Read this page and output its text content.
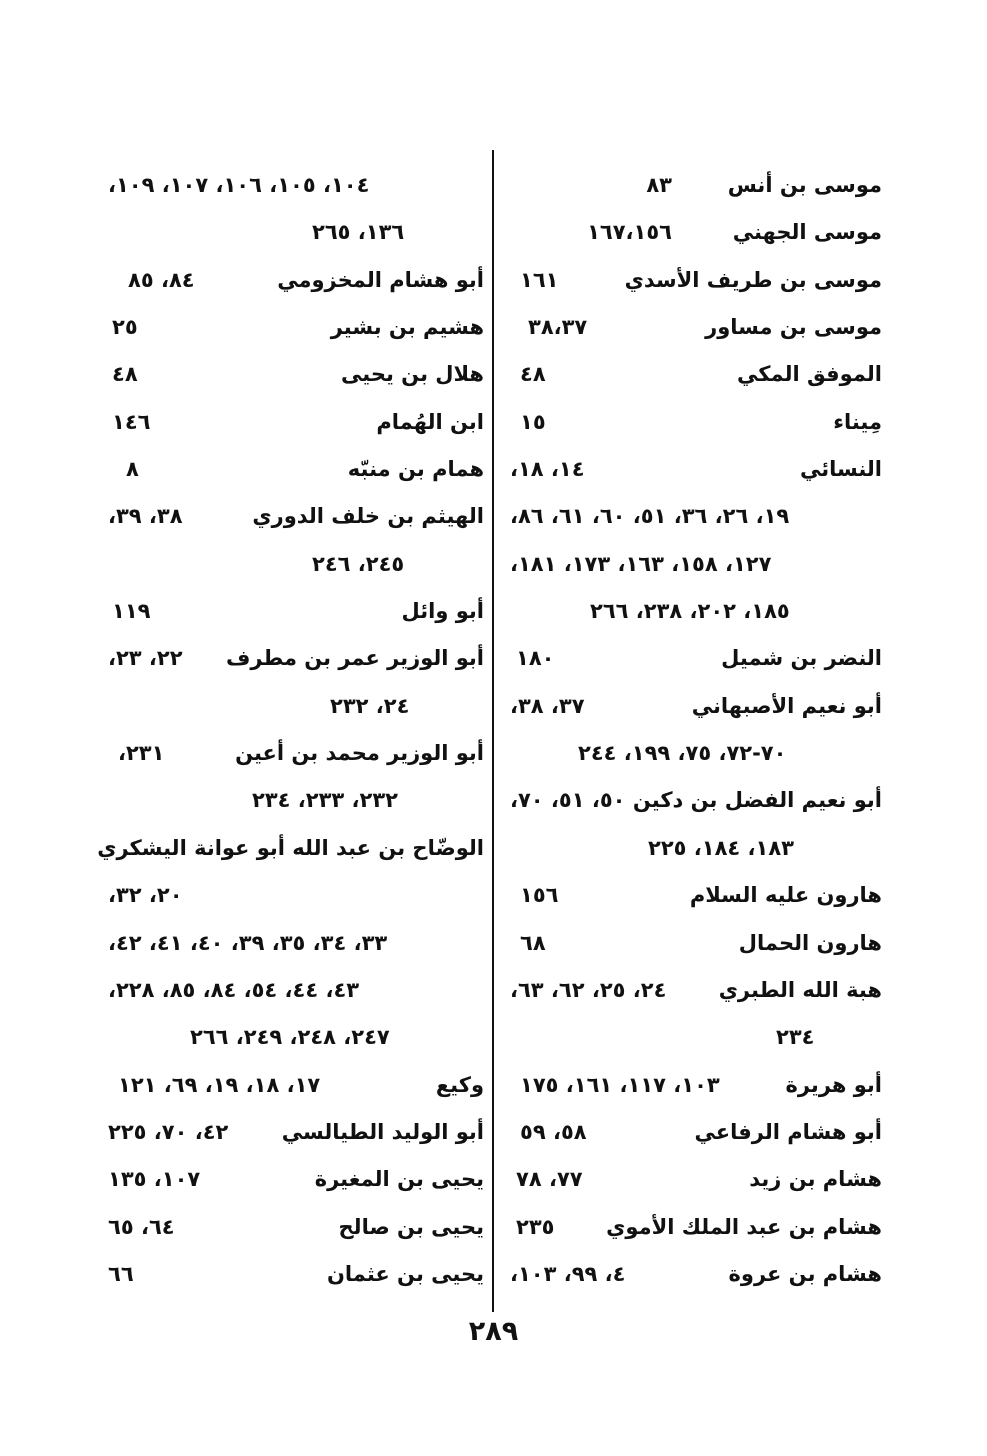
موسى بن أنس
٨٣
موسى الجهني
١٦٧،١٥٦
موسى بن طريف الأسدي
١٦١
موسى بن مساور
٣٨،٣٧
الموفق المكي
٤٨
مِيناء
١٥
النسائي
١٤، ١٨،
١٩، ٢٦، ٣٦، ٥١، ٦٠، ٦١، ٨٦،
١٢٧، ١٥٨، ١٦٣، ١٧٣، ١٨١،
١٨٥، ٢٠٢، ٢٣٨، ٢٦٦
النضر بن شميل
١٨٠
أبو نعيم الأصبهاني
٣٧، ٣٨،
٧٠-٧٢، ٧٥، ١٩٩، ٢٤٤
أبو نعيم الفضل بن دكين
٥٠، ٥١، ٧٠،
١٨٣، ١٨٤، ٢٢٥
هارون عليه السلام
١٥٦
هارون الحمال
٦٨
هبة الله الطبري
٢٤، ٢٥، ٦٢، ٦٣،
٢٣٤
أبو هريرة
١٠٣، ١١٧، ١٦١، ١٧٥
أبو هشام الرفاعي
٥٨، ٥٩
هشام بن زيد
٧٧، ٧٨
هشام بن عبد الملك الأموي
٢٣٥
هشام بن عروة
٤، ٩٩، ١٠٣،
١٠٤، ١٠٥، ١٠٦، ١٠٧، ١٠٩،
١٣٦، ٢٦٥
أبو هشام المخزومي
٨٤، ٨٥
هشيم بن بشير
٢٥
هلال بن يحيى
٤٨
ابن الهُمام
١٤٦
همام بن منبّه
٨
الهيثم بن خلف الدوري
٣٨، ٣٩،
٢٤٥، ٢٤٦
أبو وائل
١١٩
أبو الوزير عمر بن مطرف
٢٢، ٢٣،
٢٤، ٢٣٢
أبو الوزير محمد بن أعين
٢٣١،
٢٣٢، ٢٣٣، ٢٣٤
الوضّاح بن عبد الله أبو عوانة اليشكري
٢٠، ٣٢،
٣٣، ٣٤، ٣٥، ٣٩، ٤٠، ٤١، ٤٢،
٤٣، ٤٤، ٥٤، ٨٤، ٨٥، ٢٢٨،
٢٤٧، ٢٤٨، ٢٤٩، ٢٦٦
وكيع
١٧، ١٨، ١٩، ٦٩، ١٢١
أبو الوليد الطيالسي
٤٢، ٧٠، ٢٢٥
يحيى بن المغيرة
١٠٧، ١٣٥
يحيى بن صالح
٦٤، ٦٥
يحيى بن عثمان
٦٦
٢٨٩
